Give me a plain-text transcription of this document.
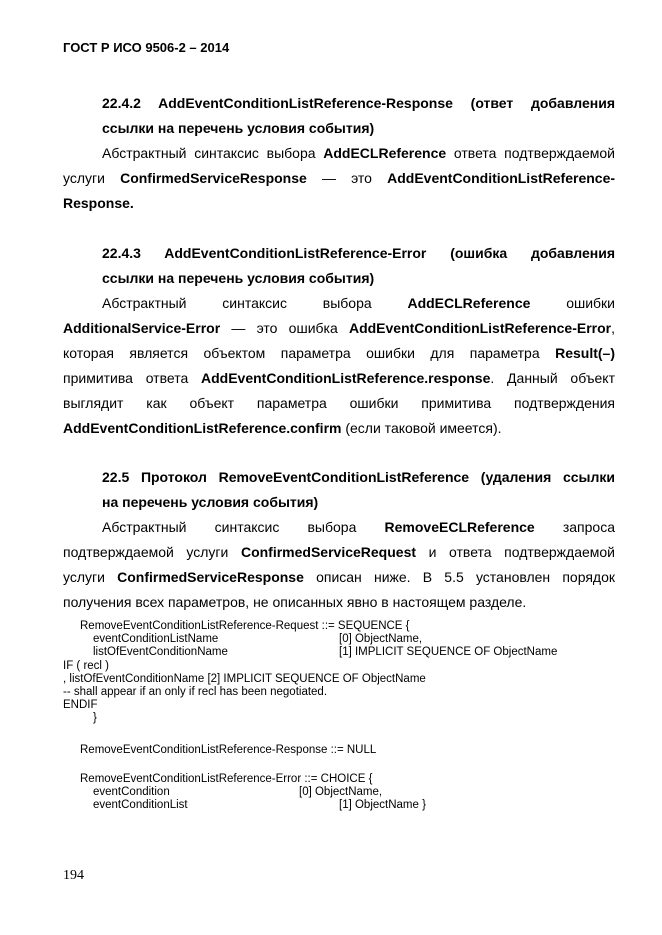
ГОСТ Р ИСО 9506-2 – 2014
22.4.2 AddEventConditionListReference-Response (ответ добавления
ссылки на перечень условия события)
Абстрактный синтаксис выбора AddECLReference ответа подтверждаемой
услуги ConfirmedServiceResponse — это AddEventConditionListReference-
Response.
22.4.3 AddEventConditionListReference-Error (ошибка добавления
ссылки на перечень условия события)
Абстрактный синтаксис выбора AddECLReference ошибки
AdditionalService-Error — это ошибка AddEventConditionListReference-Error,
которая является объектом параметра ошибки для параметра Result(–)
примитива ответа AddEventConditionListReference.response. Данный объект
выглядит как объект параметра ошибки примитива подтверждения
AddEventConditionListReference.confirm (если таковой имеется).
22.5 Протокол RemoveEventConditionListReference (удаления ссылки
на перечень условия события)
Абстрактный синтаксис выбора RemoveECLReference запроса
подтверждаемой услуги ConfirmedServiceRequest и ответа подтверждаемой
услуги ConfirmedServiceResponse описан ниже. В 5.5 установлен порядок
получения всех параметров, не описанных явно в настоящем разделе.
RemoveEventConditionListReference-Request ::= SEQUENCE {
eventConditionListName	[0] ObjectName,
listOfEventConditionName	[1] IMPLICIT SEQUENCE OF ObjectName
IF ( recl )
, listOfEventConditionName [2] IMPLICIT SEQUENCE OF ObjectName
-- shall appear if an only if recl has been negotiated.
ENDIF
}
RemoveEventConditionListReference-Response ::= NULL
RemoveEventConditionListReference-Error ::= CHOICE {
eventCondition	[0] ObjectName,
eventConditionList	[1] ObjectName }
194
